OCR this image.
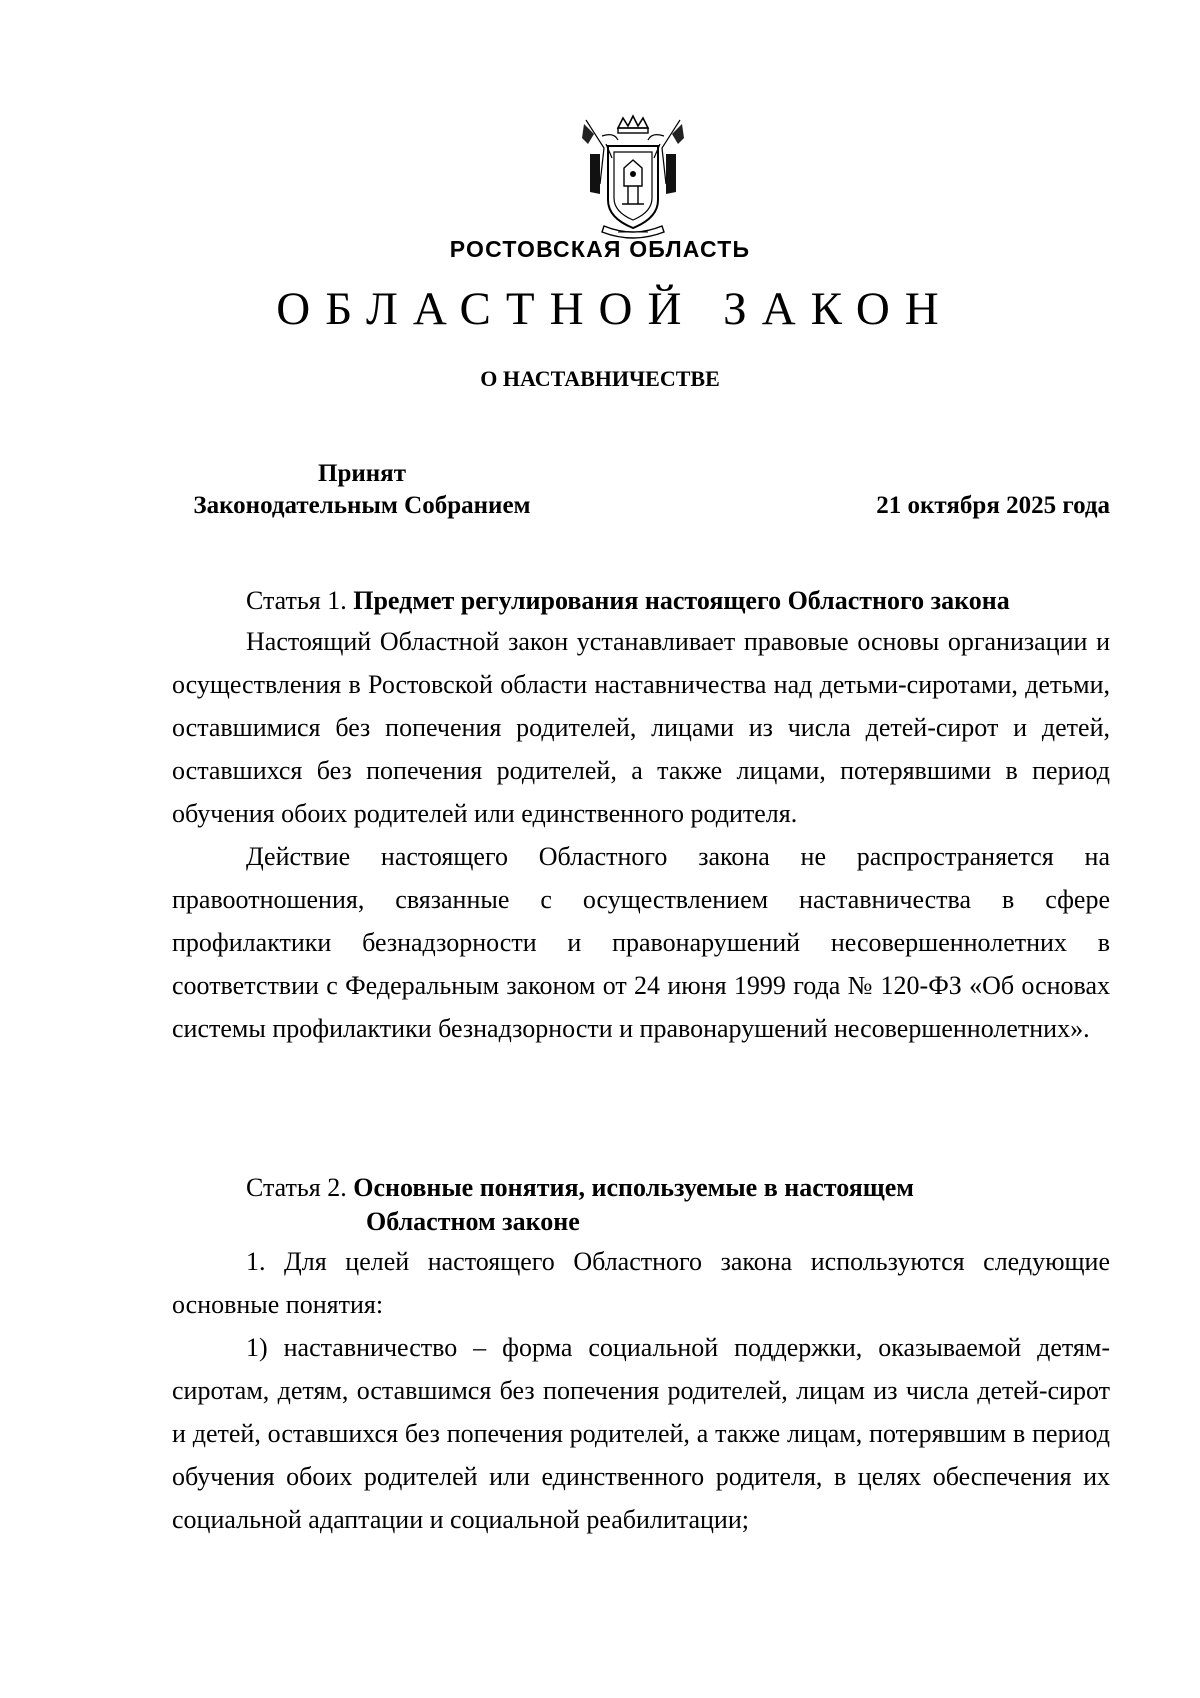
РОСТОВСКАЯ ОБЛАСТЬ
ОБЛАСТНОЙ ЗАКОН
О НАСТАВНИЧЕСТВЕ
Принят
Законодательным Собранием	21 октября 2025 года
Статья 1. Предмет регулирования настоящего Областного закона

Настоящий Областной закон устанавливает правовые основы организации и осуществления в Ростовской области наставничества над детьми-сиротами, детьми, оставшимися без попечения родителей, лицами из числа детей-сирот и детей, оставшихся без попечения родителей, а также лицами, потерявшими в период обучения обоих родителей или единственного родителя.

Действие настоящего Областного закона не распространяется на правоотношения, связанные с осуществлением наставничества в сфере профилактики безнадзорности и правонарушений несовершеннолетних в соответствии с Федеральным законом от 24 июня 1999 года № 120-ФЗ «Об основах системы профилактики безнадзорности и правонарушений несовершеннолетних».

Статья 2. Основные понятия, используемые в настоящем
Областном законе

1. Для целей настоящего Областного закона используются следующие основные понятия:

1) наставничество – форма социальной поддержки, оказываемой детям-сиротам, детям, оставшимся без попечения родителей, лицам из числа детей-сирот и детей, оставшихся без попечения родителей, а также лицам, потерявшим в период обучения обоих родителей или единственного родителя, в целях обеспечения их социальной адаптации и социальной реабилитации;
